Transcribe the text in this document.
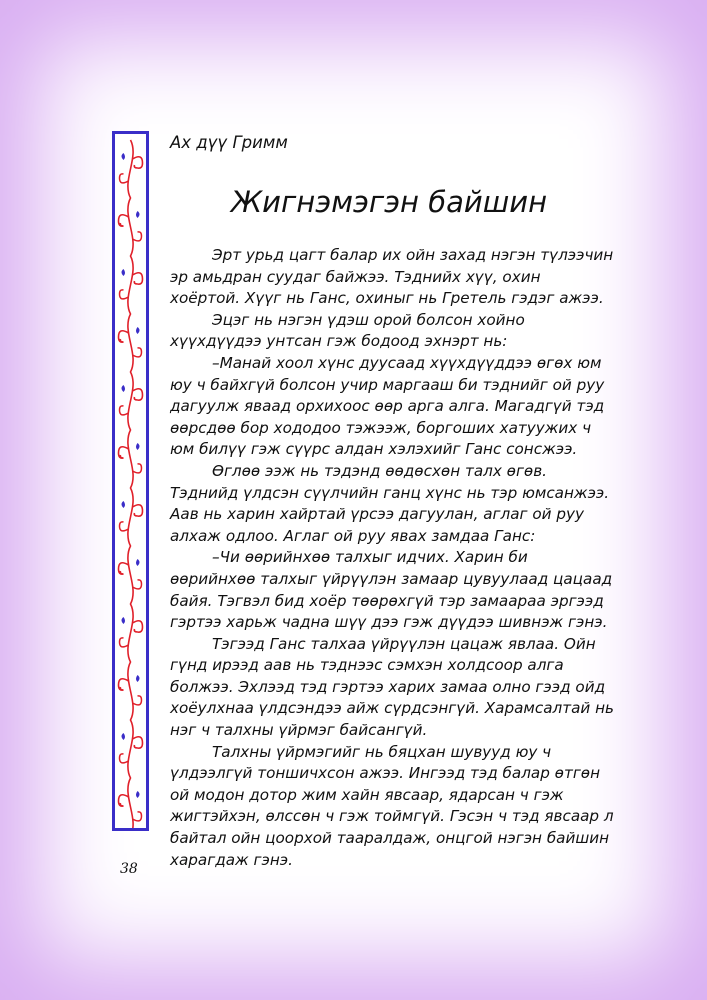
Ах дүү Гримм
Жигнэмэгэн байшин

Эрт урьд цагт балар их ойн захад нэгэн түлээчин эр амьдран суудаг байжээ. Тэднийх хүү, охин хоёртой. Хүүг нь Ганс, охиныг нь Гретель гэдэг ажээ.

Эцэг нь нэгэн үдэш орой болсон хойно хүүхдүүдээ унтсан гэж бодоод эхнэрт нь:

–Манай хоол хүнс дуусаад хүүхдүүддээ өгөх юм юу ч байхгүй болсон учир маргааш би тэднийг ой руу дагуулж яваад орхихоос өөр арга алга. Магадгүй тэд өөрсдөө бор хододоо тэжээж, боргоших хатуужих ч юм билүү гэж сүүрс алдан хэлэхийг Ганс сонсжээ.

Өглөө ээж нь тэдэнд өөдөсхөн талх өгөв. Тэднийд үлдсэн сүүлчийн ганц хүнс нь тэр юмсанжээ. Аав нь харин хайртай үрсээ дагуулан, аглаг ой руу алхаж одлоо. Аглаг ой руу явах замдаа Ганс:

–Чи өөрийнхөө талхыг идчих. Харин би өөрийнхөө талхыг үйрүүлэн замаар цувуулаад цацаад байя. Тэгвэл бид хоёр төөрөхгүй тэр замаараа эргээд гэртээ харьж чадна шүү дээ гэж дүүдээ шивнэж гэнэ.

Тэгээд Ганс талхаа үйрүүлэн цацаж явлаа. Ойн гүнд ирээд аав нь тэднээс сэмхэн холдсоор алга болжээ. Эхлээд тэд гэртээ харих замаа олно гээд ойд хоёулхнаа үлдсэндээ айж сүрдсэнгүй. Харамсалтай нь нэг ч талхны үйрмэг байсангүй.

Талхны үйрмэгийг нь бяцхан шувууд юу ч үлдээлгүй тоншичхсон ажээ. Ингээд тэд балар өтгөн ой модон дотор жим хайн явсаар, ядарсан ч гэж жигтэйхэн, өлссөн ч гэж тоймгүй. Гэсэн ч тэд явсаар л байтал ойн цоорхой тааралдаж, онцгой нэгэн байшин харагдаж гэнэ.

38
